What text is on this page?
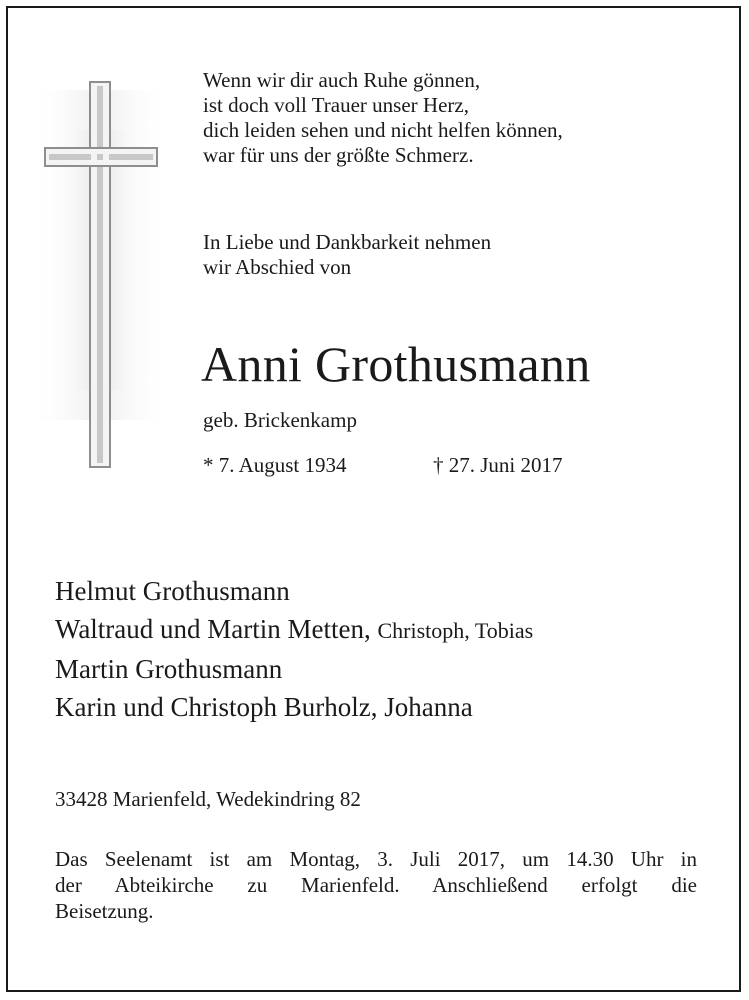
Wenn wir dir auch Ruhe gönnen,
ist doch voll Trauer unser Herz,
dich leiden sehen und nicht helfen können,
war für uns der größte Schmerz.
In Liebe und Dankbarkeit nehmen
wir Abschied von
Anni Grothusmann
geb. Brickenkamp
* 7. August 1934	† 27. Juni 2017
Helmut Grothusmann
Waltraud und Martin Metten, Christoph, Tobias
Martin Grothusmann
Karin und Christoph Burholz, Johanna
33428 Marienfeld, Wedekindring 82
Das Seelenamt ist am Montag, 3. Juli 2017, um 14.30 Uhr in
der Abteikirche zu Marienfeld. Anschließend erfolgt die
Beisetzung.
